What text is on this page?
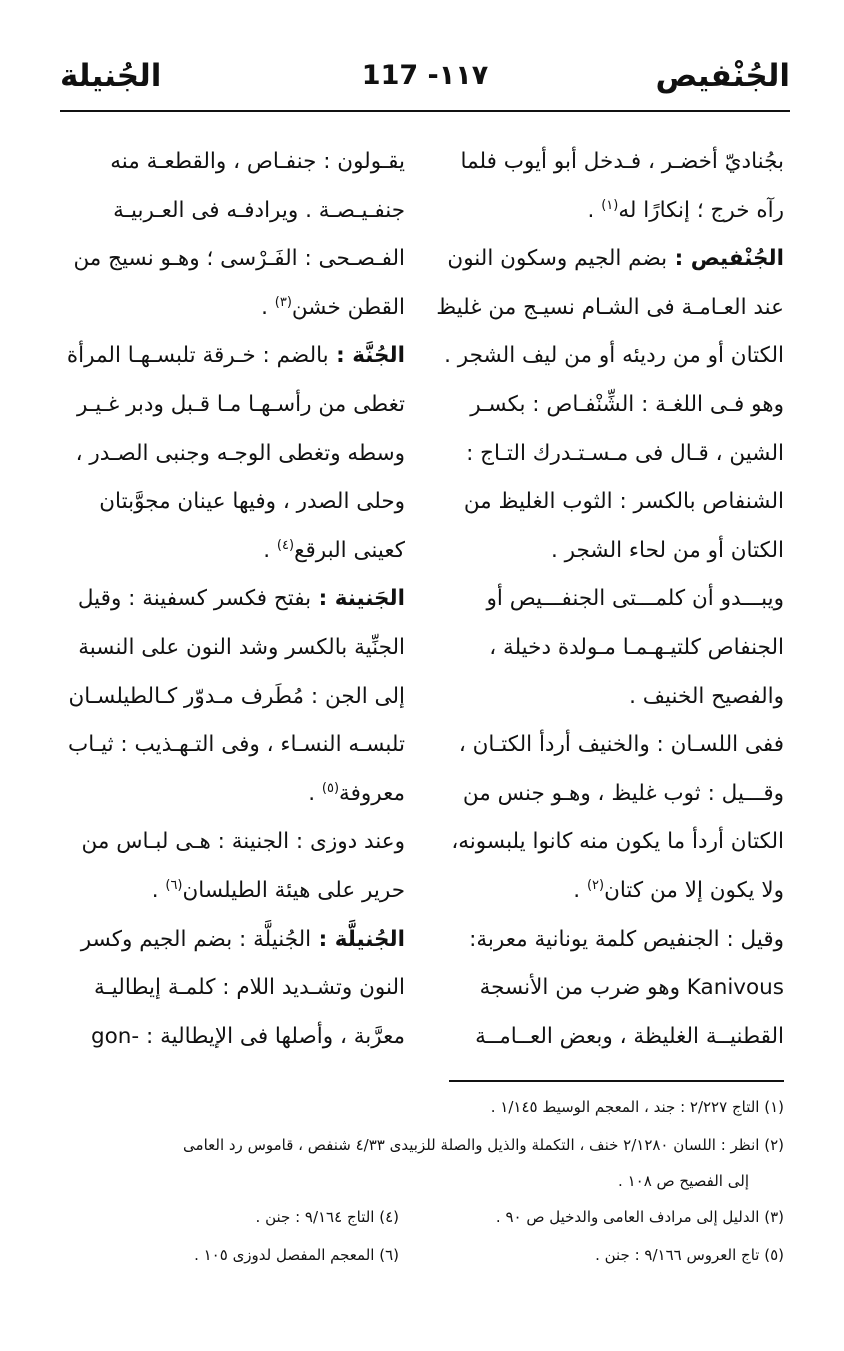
الجُنْفيص
117 -١١٧
الجُنيلة

بجُناديّ أخضـر ، فـدخل أبو أيوب فلما

رآه خرج ؛ إنكارًا له$^{(١)}$ .

الجُنْفيص : بضم الجيم وسكون النون

عند العـامـة فى الشـام نسيـج من غليظ

الكتان أو من رديئه أو من ليف الشجر .

وهو فـى اللغـة : الشِّنْفـاص : بكسـر

الشين ، قـال فى مـسـتـدرك التـاج :

الشنفاص بالكسر : الثوب الغليظ من

الكتان أو من لحاء الشجر .

ويبـــدو أن كلمـــتى الجنفـــيص أو

الجنفاص كلتيـهـمـا مـولدة دخيلة ،

والفصيح الخنيف .

ففى اللسـان : والخنيف أردأ الكتـان ،

وقـــيل : ثوب غليظ ، وهـو جنس من

الكتان أردأ ما يكون منه كانوا يلبسونه،

ولا يكون إلا من كتان$^{(٢)}$ .

وقيل : الجنفيص كلمة يونانية معربة:

Kanivous وهو ضرب من الأنسجة

القطنيــة الغليظة ، وبعض العــامــة

يقـولون : جنفـاص ، والقطعـة منه

جنفـيـصـة . ويرادفـه فى العـربيـة

الفـصـحى : الفَـرْسى ؛ وهـو نسيج من

القطن خشن$^{(٣)}$ .

الجُنَّة : بالضم : خـرقة تلبسـهـا المرأة

تغطى من رأسـهـا مـا قـبل ودبر غـيـر

وسطه وتغطى الوجـه وجنبى الصـدر ،

وحلى الصدر ، وفيها عينان مجوَّبتان

كعينى البرقع$^{(٤)}$ .

الجَنينة : بفتح فكسر كسفينة : وقيل

الجنِّية بالكسر وشد النون على النسبة

إلى الجن : مُطَرف مـدوّر كـالطيلسـان

تلبسـه النسـاء ، وفى التـهـذيب : ثيـاب

معروفة$^{(٥)}$ .

وعند دوزى : الجنينة : هـى لبـاس من

حرير على هيئة الطيلسان$^{(٦)}$ .

الجُنيلَّة : الجُنيلَّة : بضم الجيم وكسر

النون وتشـديد اللام : كلمـة إيطاليـة

معرَّبة ، وأصلها فى الإيطالية : -gon

(١) التاج ٢/٢٢٧ : جند ، المعجم الوسيط ١/١٤٥ .
(٢) انظر : اللسان ٢/١٢٨٠ خنف ، التكملة والذيل والصلة للزبيدى ٤/٣٣ شنفص ، قاموس رد العامى
إلى الفصيح ص ١٠٨ .
(٣) الدليل إلى مرادف العامى والدخيل ص ٩٠ .
(٤) التاج ٩/١٦٤ : جنن .
(٥) تاج العروس ٩/١٦٦ : جنن .
(٦) المعجم المفصل لدوزى ١٠٥ .
